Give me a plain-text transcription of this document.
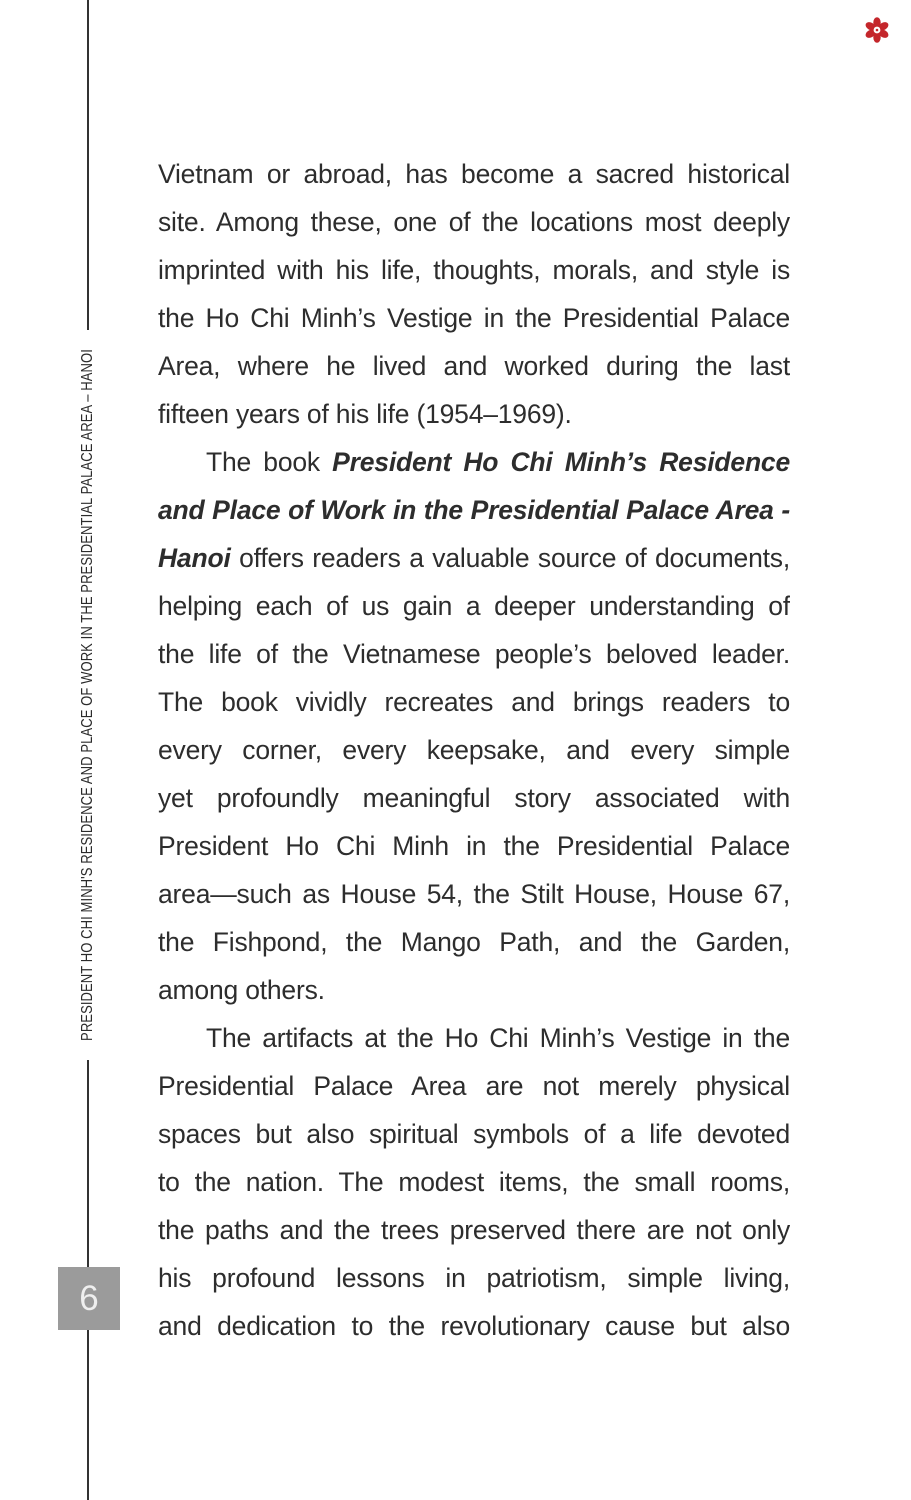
PRESIDENT HO CHI MINH'S RESIDENCE AND PLACE OF WORK IN THE PRESIDENTIAL PALACE AREA – HANOI
6
Vietnam or abroad, has become a sacred historical
site. Among these, one of the locations most deeply
imprinted with his life, thoughts, morals, and style is
the Ho Chi Minh’s Vestige in the Presidential Palace
Area, where he lived and worked during the last
fifteen years of his life (1954–1969).
The book President Ho Chi Minh’s Residence
and Place of Work in the Presidential Palace Area -
Hanoi offers readers a valuable source of documents,
helping each of us gain a deeper understanding of
the life of the Vietnamese people’s beloved leader.
The book vividly recreates and brings readers to
every corner, every keepsake, and every simple
yet profoundly meaningful story associated with
President Ho Chi Minh in the Presidential Palace
area—such as House 54, the Stilt House, House 67,
the Fishpond, the Mango Path, and the Garden,
among others.
The artifacts at the Ho Chi Minh’s Vestige in the
Presidential Palace Area are not merely physical
spaces but also spiritual symbols of a life devoted
to the nation. The modest items, the small rooms,
the paths and the trees preserved there are not only
his profound lessons in patriotism, simple living,
and dedication to the revolutionary cause but also
